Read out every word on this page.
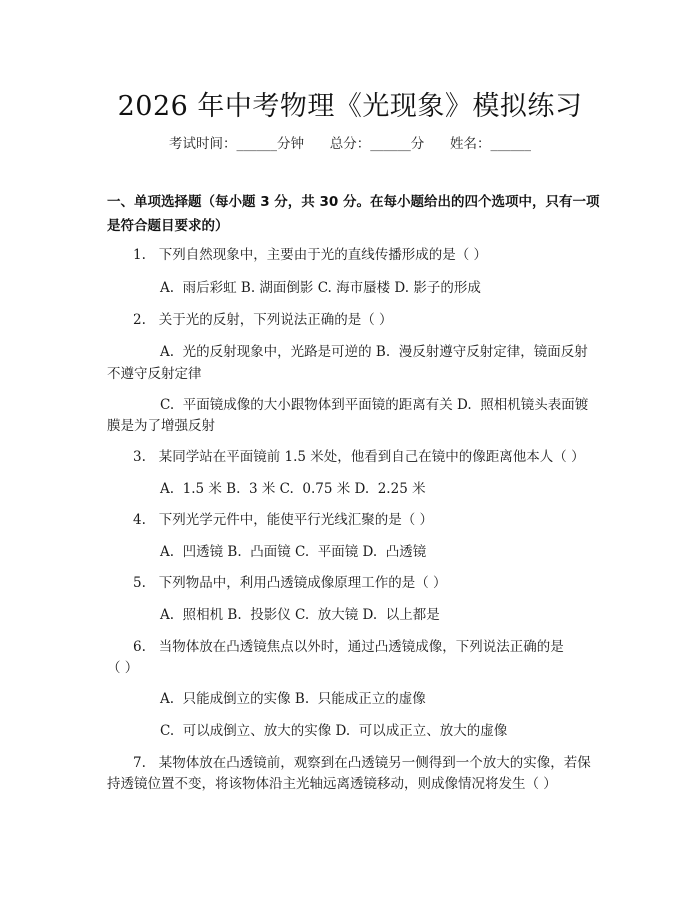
2026 年中考物理《光现象》模拟练习
考试时间：______分钟      总分：______分      姓名：______
一、单项选择题（每小题 3 分，共 30 分。在每小题给出的四个选项中，只有一项
是符合题目要求的）
1.   下列自然现象中，主要由于光的直线传播形成的是（ ）
A.  雨后彩虹 B. 湖面倒影 C. 海市蜃楼 D. 影子的形成
2.   关于光的反射，下列说法正确的是（ ）
A.  光的反射现象中，光路是可逆的 B.  漫反射遵守反射定律，镜面反射
不遵守反射定律
C.  平面镜成像的大小跟物体到平面镜的距离有关 D.  照相机镜头表面镀
膜是为了增强反射
3.   某同学站在平面镜前 1.5 米处，他看到自己在镜中的像距离他本人（ ）
A.  1.5 米 B.  3 米 C.  0.75 米 D.  2.25 米
4.   下列光学元件中，能使平行光线汇聚的是（ ）
A.  凹透镜 B.  凸面镜 C.  平面镜 D.  凸透镜
5.   下列物品中，利用凸透镜成像原理工作的是（ ）
A.  照相机 B.  投影仪 C.  放大镜 D.  以上都是
6.   当物体放在凸透镜焦点以外时，通过凸透镜成像，下列说法正确的是
（ ）
A.  只能成倒立的实像 B.  只能成正立的虚像
C.  可以成倒立、放大的实像 D.  可以成正立、放大的虚像
7.   某物体放在凸透镜前，观察到在凸透镜另一侧得到一个放大的实像，若保
持透镜位置不变，将该物体沿主光轴远离透镜移动，则成像情况将发生（ ）
